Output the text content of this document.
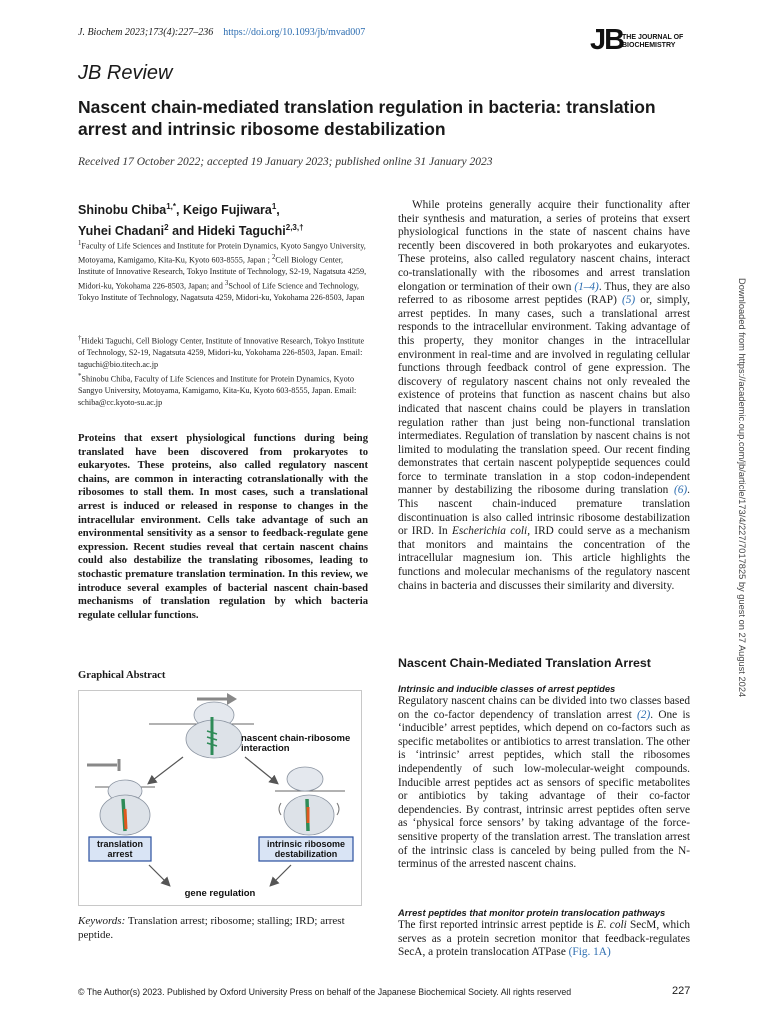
J. Biochem 2023;173(4):227–236 https://doi.org/10.1093/jb/mvad007	JB
THE JOURNAL OF
BIOCHEMISTRY
JB Review
Nascent chain-mediated translation regulation in bacteria: translation arrest and intrinsic ribosome destabilization
Received 17 October 2022; accepted 19 January 2023; published online 31 January 2023
Shinobu Chiba$^{1,*}$, Keigo Fujiwara$^1$,
Yuhei Chadani$^2$ and Hideki Taguchi$^{2,3,\dagger}$
$^1$Faculty of Life Sciences and Institute for Protein Dynamics, Kyoto Sangyo University, Motoyama, Kamigamo, Kita-Ku, Kyoto 603-8555, Japan ; $^2$Cell Biology Center, Institute of Innovative Research, Tokyo Institute of Technology, S2-19, Nagatsuta 4259, Midori-ku, Yokohama 226-8503, Japan; and $^3$School of Life Science and Technology, Tokyo Institute of Technology, Nagatsuta 4259, Midori-ku, Yokohama 226-8503, Japan
†Hideki Taguchi, Cell Biology Center, Institute of Innovative Research, Tokyo Institute of Technology, S2-19, Nagatsuta 4259, Midori-ku, Yokohama 226-8503, Japan. Email: taguchi@bio.titech.ac.jp
*Shinobu Chiba, Faculty of Life Sciences and Institute for Protein Dynamics, Kyoto Sangyo University, Motoyama, Kamigamo, Kita-Ku, Kyoto 603-8555, Japan. Email: schiba@cc.kyoto-su.ac.jp
Proteins that exsert physiological functions during being translated have been discovered from prokaryotes to eukaryotes. These proteins, also called regulatory nascent chains, are common in interacting cotranslationally with the ribosomes to stall them. In most cases, such a translational arrest is induced or released in response to changes in the intracellular environment. Cells take advantage of such an environmental sensitivity as a sensor to feedback-regulate gene expression. Recent studies reveal that certain nascent chains could also destabilize the translating ribosomes, leading to stochastic premature translation termination. In this review, we introduce several examples of bacterial nascent chain-based mechanisms of translation regulation by which bacteria regulate cellular functions.
Graphical Abstract
nascent chain-ribosome
interaction
translation
arrest
intrinsic ribosome
destabilization
gene regulation
Keywords: Translation arrest; ribosome; stalling; IRD; arrest peptide.
While proteins generally acquire their functionality after their synthesis and maturation, a series of proteins that exsert physiological functions in the state of nascent chains have recently been discovered in both prokaryotes and eukaryotes. These proteins, also called regulatory nascent chains, interact co-translationally with the ribosomes and arrest translation elongation or termination of their own (1–4). Thus, they are also referred to as ribosome arrest peptides (RAP) (5) or, simply, arrest peptides. In many cases, such a translational arrest responds to the intracellular environment. Taking advantage of this property, they monitor changes in the intracellular environment in real-time and are involved in regulating cellular functions through feedback control of gene expression. The discovery of regulatory nascent chains not only revealed the existence of proteins that function as nascent chains but also indicated that nascent chains could be players in translation regulation rather than just being non-functional translation intermediates. Regulation of translation by nascent chains is not limited to modulating the translation speed. Our recent finding demonstrates that certain nascent polypeptide sequences could force to terminate translation in a stop codon-independent manner by destabilizing the ribosome during translation (6). This nascent chain-induced premature translation discontinuation is also called intrinsic ribosome destabilization or IRD. In Escherichia coli, IRD could serve as a mechanism that monitors and maintains the concentration of the intracellular magnesium ion. This article highlights the functions and molecular mechanisms of the regulatory nascent chains in bacteria and discusses their similarity and diversity.
Nascent Chain-Mediated Translation Arrest
Intrinsic and inducible classes of arrest peptides
Regulatory nascent chains can be divided into two classes based on the co-factor dependency of translation arrest (2). One is ‘inducible’ arrest peptides, which depend on co-factors such as specific metabolites or antibiotics to arrest translation. The other is ‘intrinsic’ arrest peptides, which stall the ribosomes independently of such low-molecular-weight compounds. Inducible arrest peptides act as sensors of specific metabolites or antibiotics by taking advantage of their co-factor dependencies. By contrast, intrinsic arrest peptides often serve as ‘physical force sensors’ by taking advantage of the force-sensitive property of the translation arrest. The translation arrest of the intrinsic class is canceled by being pulled from the N-terminus of the arrested nascent chains.
Arrest peptides that monitor protein translocation pathways
The first reported intrinsic arrest peptide is E. coli SecM, which serves as a protein secretion monitor that feedback-regulates SecA, a protein translocation ATPase (Fig. 1A)
Downloaded from https://academic.oup.com/jb/article/173/4/227/7017825 by guest on 27 August 2024
© The Author(s) 2023. Published by Oxford University Press on behalf of the Japanese Biochemical Society. All rights reserved	227
